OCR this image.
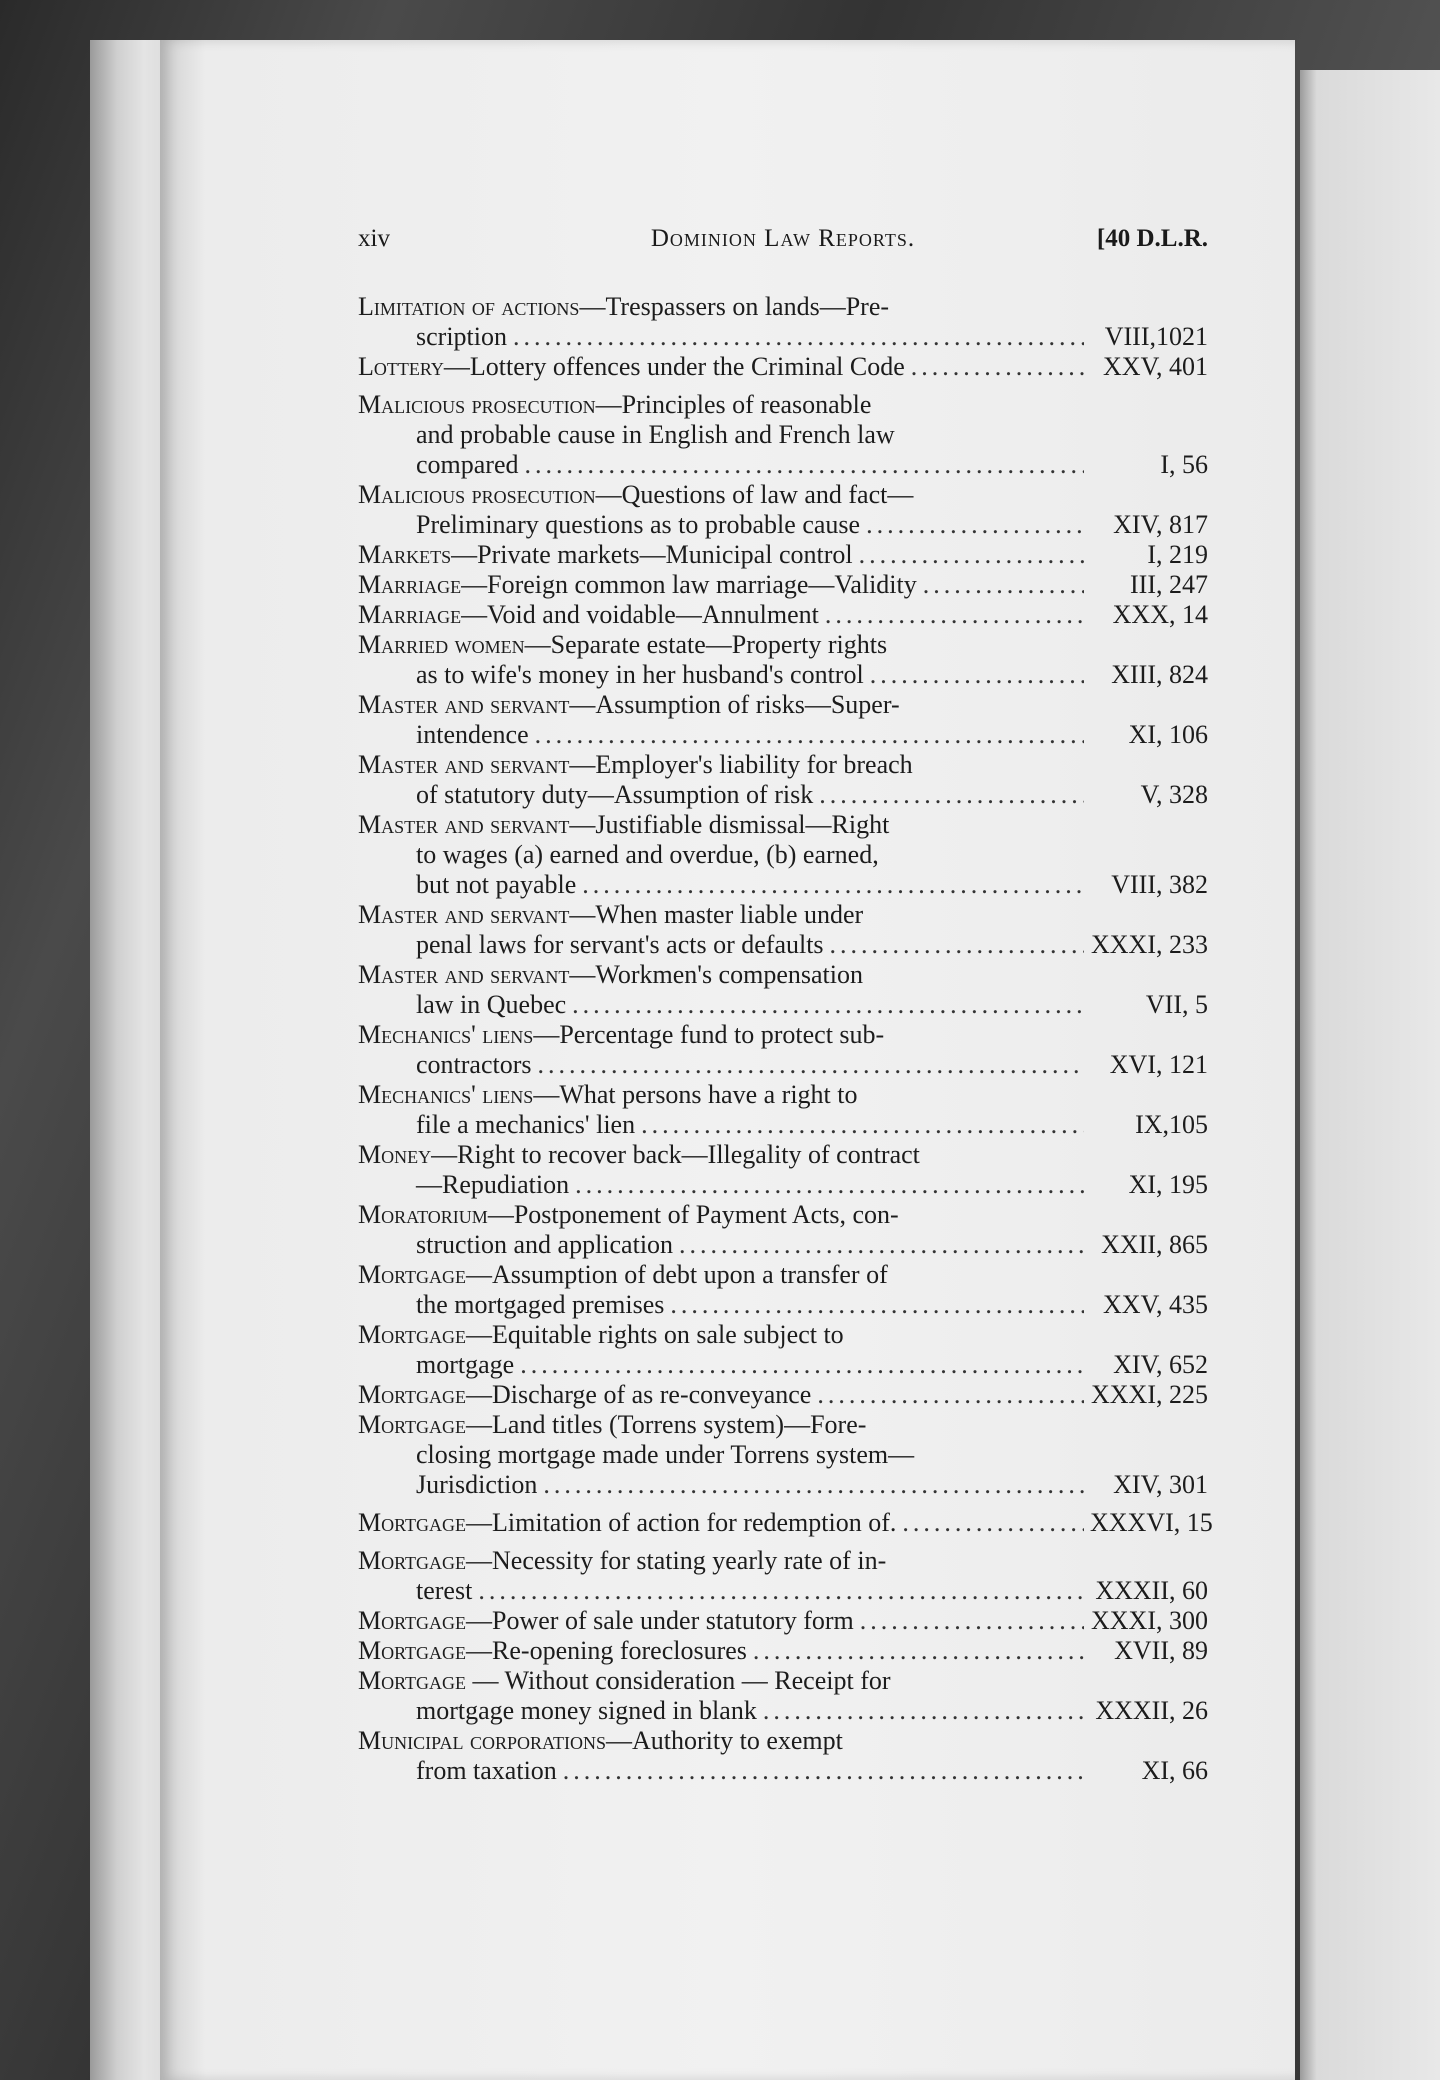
xiv	Dominion Law Reports.	[40 D.L.R.
Limitation of actions—Trespassers on lands—Pre-
scription .....	VIII,1021
Lottery—Lottery offences under the Criminal Code .....	XXV, 401
Malicious prosecution—Principles of reasonable
and probable cause in English and French law
compared .....	I, 56
Malicious prosecution—Questions of law and fact—
Preliminary questions as to probable cause .....	XIV, 817
Markets—Private markets—Municipal control .....	I, 219
Marriage—Foreign common law marriage—Validity .....	III, 247
Marriage—Void and voidable—Annulment .....	XXX, 14
Married women—Separate estate—Property rights
as to wife's money in her husband's control .....	XIII, 824
Master and servant—Assumption of risks—Super-
intendence .....	XI, 106
Master and servant—Employer's liability for breach
of statutory duty—Assumption of risk .....	V, 328
Master and servant—Justifiable dismissal—Right
to wages (a) earned and overdue, (b) earned,
but not payable .....	VIII, 382
Master and servant—When master liable under
penal laws for servant's acts or defaults .....	XXXI, 233
Master and servant—Workmen's compensation
law in Quebec .....	VII, 5
Mechanics' liens—Percentage fund to protect sub-
contractors .....	XVI, 121
Mechanics' liens—What persons have a right to
file a mechanics' lien .....	IX,105
Money—Right to recover back—Illegality of contract
—Repudiation .....	XI, 195
Moratorium—Postponement of Payment Acts, con-
struction and application .....	XXII, 865
Mortgage—Assumption of debt upon a transfer of
the mortgaged premises .....	XXV, 435
Mortgage—Equitable rights on sale subject to
mortgage .....	XIV, 652
Mortgage—Discharge of as re-conveyance .....	XXXI, 225
Mortgage—Land titles (Torrens system)—Fore-
closing mortgage made under Torrens system—
Jurisdiction .....	XIV, 301
Mortgage—Limitation of action for redemption of. .....	XXXVI, 15
Mortgage—Necessity for stating yearly rate of in-
terest .....	XXXII, 60
Mortgage—Power of sale under statutory form .....	XXXI, 300
Mortgage—Re-opening foreclosures .....	XVII, 89
Mortgage — Without consideration — Receipt for
mortgage money signed in blank .....	XXXII, 26
Municipal corporations—Authority to exempt
from taxation .....	XI, 66
